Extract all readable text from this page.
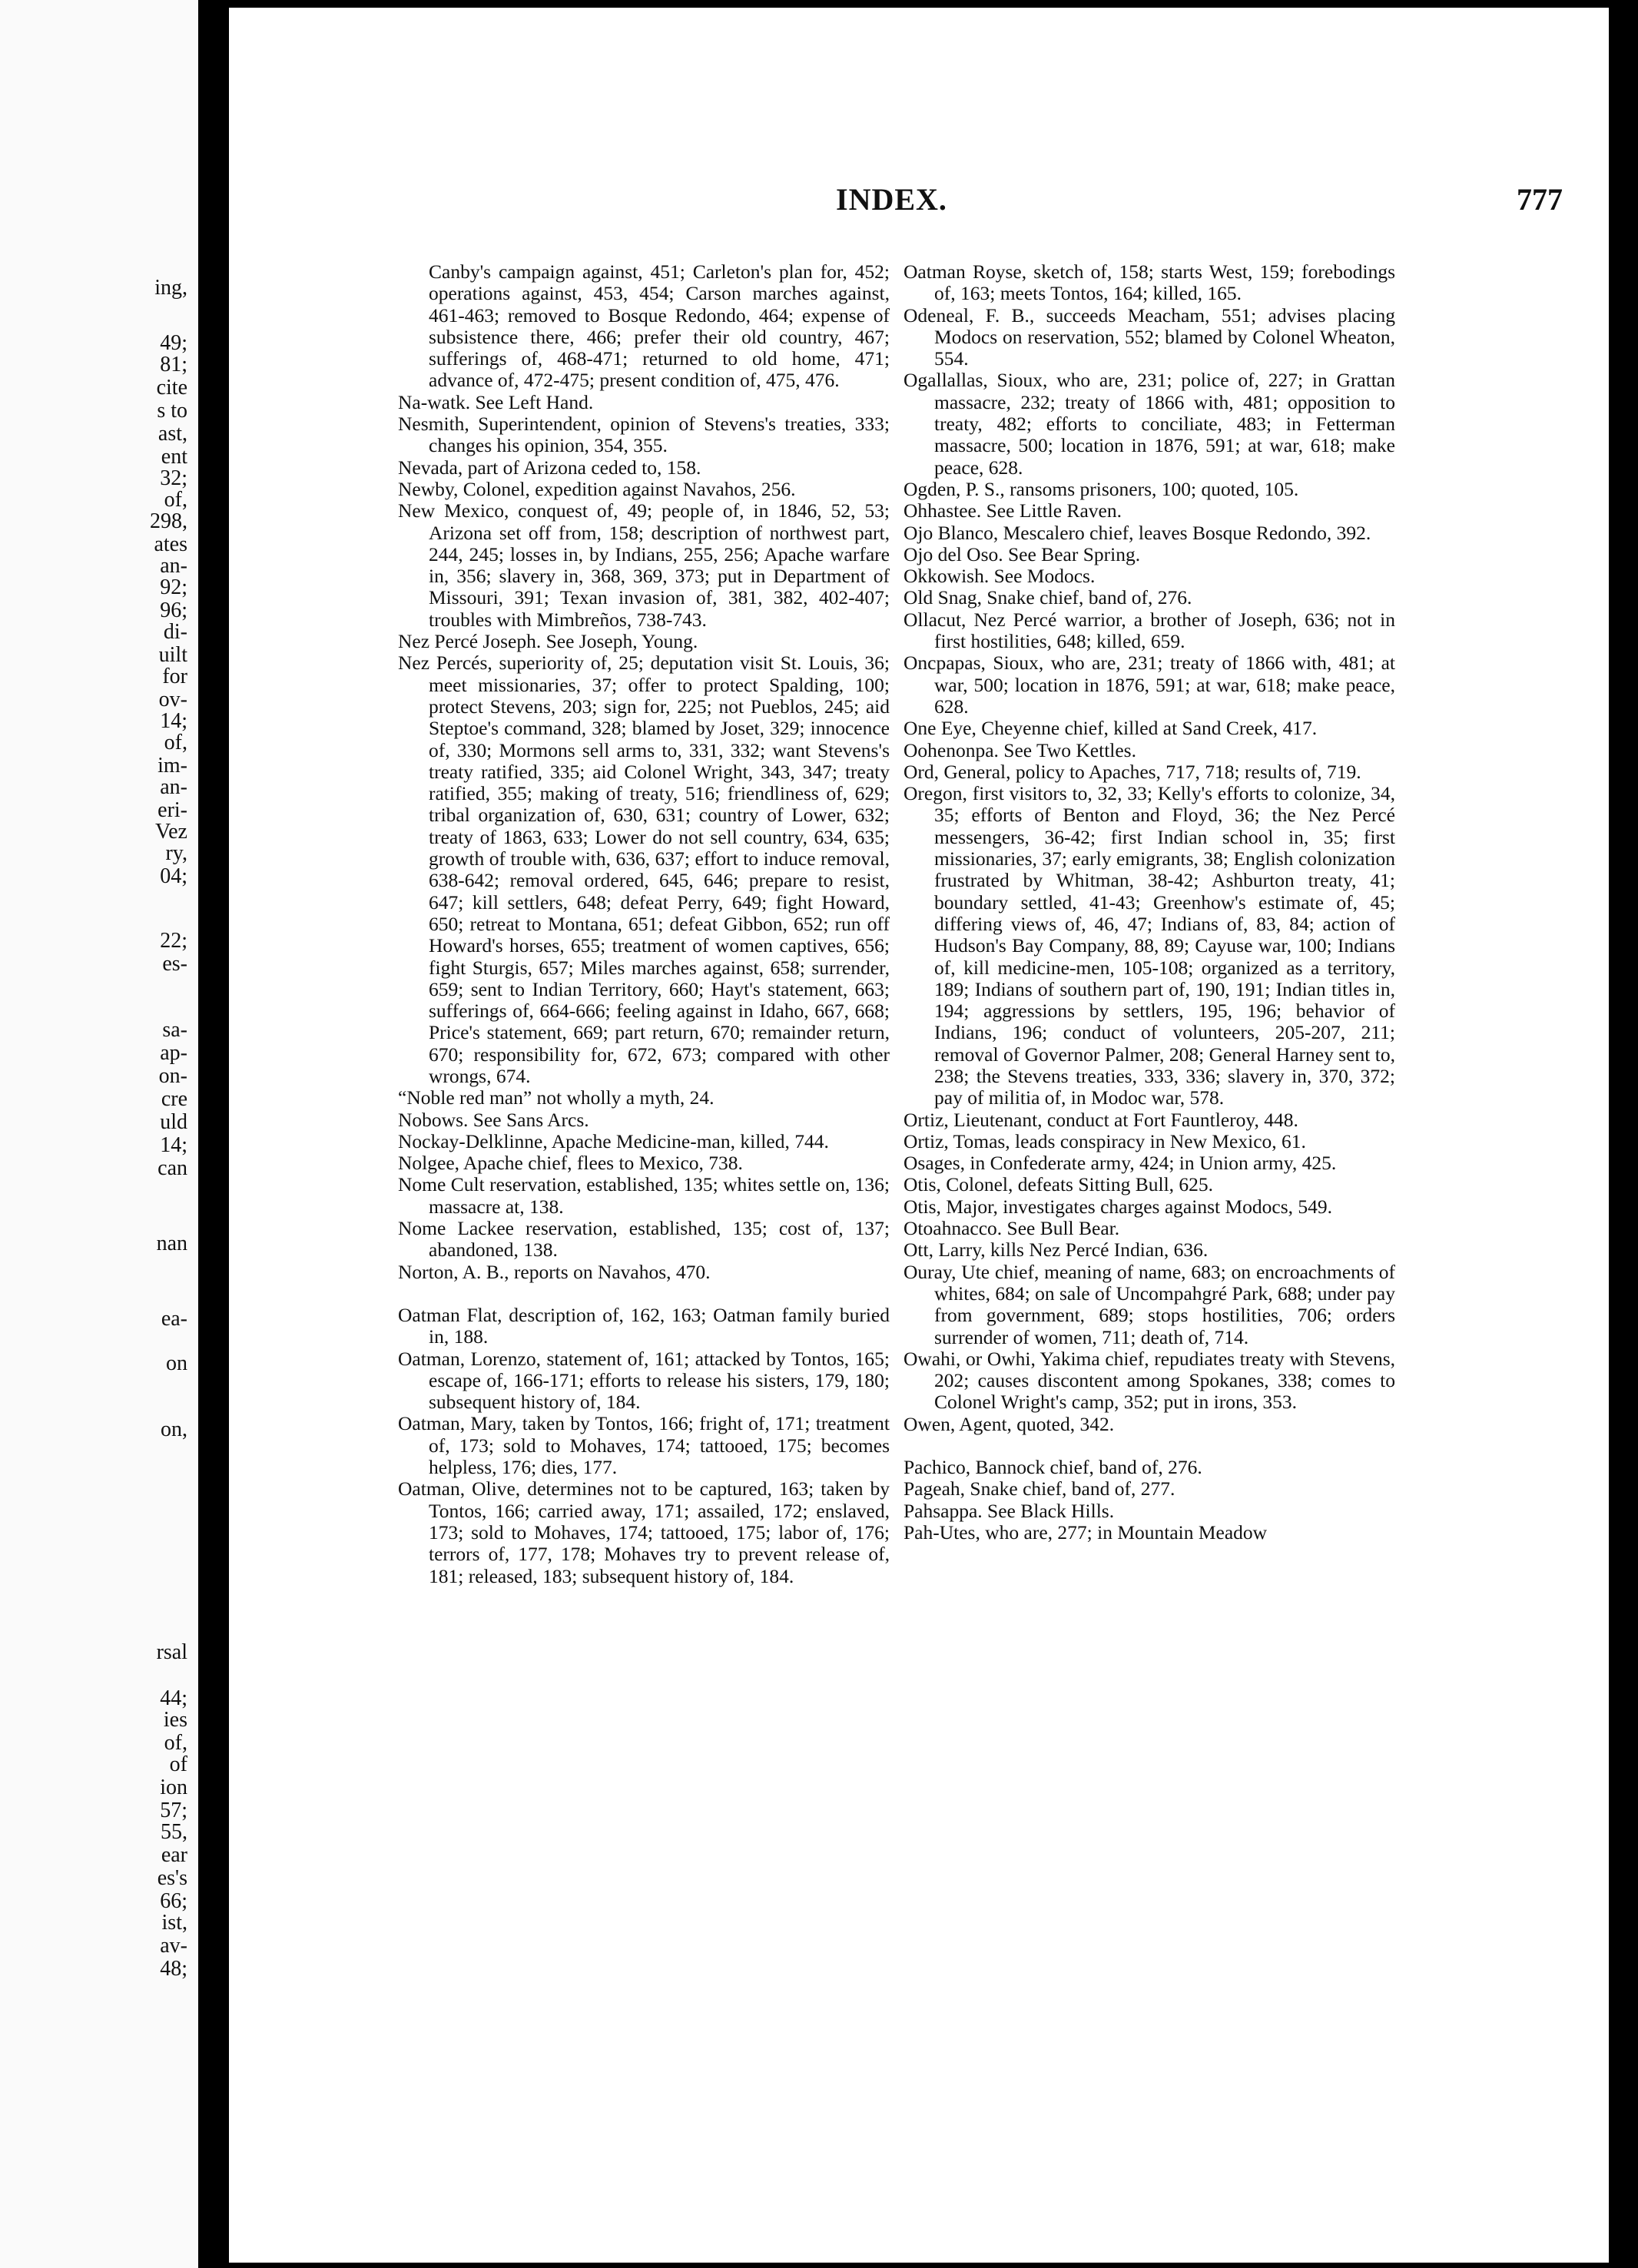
ing,
49;
81;
cite
s to
ast,
ent
32;
of,
298,
ates
an-
92;
96;
di-
uilt
for
ov-
14;
of,
im-
an-
eri-
Vez
ry,
04;
22;
es-
sa-
ap-
on-
cre
uld
14;
can
nan
ea-
on
on,
rsal
44;
ies
of,
of
ion
57;
55,
ear
es's
66;
ist,
av-
48;
INDEX.	777

Canby's campaign against, 451; Carleton's plan for, 452; operations against, 453, 454; Carson marches against, 461-463; removed to Bosque Redondo, 464; expense of subsistence there, 466; prefer their old country, 467; sufferings of, 468-471; returned to old home, 471; advance of, 472-475; present condition of, 475, 476.

Na-watk. See Left Hand.

Nesmith, Superintendent, opinion of Stevens's treaties, 333; changes his opinion, 354, 355.

Nevada, part of Arizona ceded to, 158.

Newby, Colonel, expedition against Navahos, 256.

New Mexico, conquest of, 49; people of, in 1846, 52, 53; Arizona set off from, 158; description of northwest part, 244, 245; losses in, by Indians, 255, 256; Apache warfare in, 356; slavery in, 368, 369, 373; put in Department of Missouri, 391; Texan invasion of, 381, 382, 402-407; troubles with Mimbreños, 738-743.

Nez Percé Joseph. See Joseph, Young.

Nez Percés, superiority of, 25; deputation visit St. Louis, 36; meet missionaries, 37; offer to protect Spalding, 100; protect Stevens, 203; sign for, 225; not Pueblos, 245; aid Steptoe's command, 328; blamed by Joset, 329; innocence of, 330; Mormons sell arms to, 331, 332; want Stevens's treaty ratified, 335; aid Colonel Wright, 343, 347; treaty ratified, 355; making of treaty, 516; friendliness of, 629; tribal organization of, 630, 631; country of Lower, 632; treaty of 1863, 633; Lower do not sell country, 634, 635; growth of trouble with, 636, 637; effort to induce removal, 638-642; removal ordered, 645, 646; prepare to resist, 647; kill settlers, 648; defeat Perry, 649; fight Howard, 650; retreat to Montana, 651; defeat Gibbon, 652; run off Howard's horses, 655; treatment of women captives, 656; fight Sturgis, 657; Miles marches against, 658; surrender, 659; sent to Indian Territory, 660; Hayt's statement, 663; sufferings of, 664-666; feeling against in Idaho, 667, 668; Price's statement, 669; part return, 670; remainder return, 670; responsibility for, 672, 673; compared with other wrongs, 674.

“Noble red man” not wholly a myth, 24.

Nobows. See Sans Arcs.

Nockay-Delklinne, Apache Medicine-man, killed, 744.

Nolgee, Apache chief, flees to Mexico, 738.

Nome Cult reservation, established, 135; whites settle on, 136; massacre at, 138.

Nome Lackee reservation, established, 135; cost of, 137; abandoned, 138.

Norton, A. B., reports on Navahos, 470.

Oatman Flat, description of, 162, 163; Oatman family buried in, 188.

Oatman, Lorenzo, statement of, 161; attacked by Tontos, 165; escape of, 166-171; efforts to release his sisters, 179, 180; subsequent history of, 184.

Oatman, Mary, taken by Tontos, 166; fright of, 171; treatment of, 173; sold to Mohaves, 174; tattooed, 175; becomes helpless, 176; dies, 177.

Oatman, Olive, determines not to be captured, 163; taken by Tontos, 166; carried away, 171; assailed, 172; enslaved, 173; sold to Mohaves, 174; tattooed, 175; labor of, 176; terrors of, 177, 178; Mohaves try to prevent release of, 181; released, 183; subsequent history of, 184.

Oatman Royse, sketch of, 158; starts West, 159; forebodings of, 163; meets Tontos, 164; killed, 165.

Odeneal, F. B., succeeds Meacham, 551; advises placing Modocs on reservation, 552; blamed by Colonel Wheaton, 554.

Ogallallas, Sioux, who are, 231; police of, 227; in Grattan massacre, 232; treaty of 1866 with, 481; opposition to treaty, 482; efforts to conciliate, 483; in Fetterman massacre, 500; location in 1876, 591; at war, 618; make peace, 628.

Ogden, P. S., ransoms prisoners, 100; quoted, 105.

Ohhastee. See Little Raven.

Ojo Blanco, Mescalero chief, leaves Bosque Redondo, 392.

Ojo del Oso. See Bear Spring.

Okkowish. See Modocs.

Old Snag, Snake chief, band of, 276.

Ollacut, Nez Percé warrior, a brother of Joseph, 636; not in first hostilities, 648; killed, 659.

Oncpapas, Sioux, who are, 231; treaty of 1866 with, 481; at war, 500; location in 1876, 591; at war, 618; make peace, 628.

One Eye, Cheyenne chief, killed at Sand Creek, 417.

Oohenonpa. See Two Kettles.

Ord, General, policy to Apaches, 717, 718; results of, 719.

Oregon, first visitors to, 32, 33; Kelly's efforts to colonize, 34, 35; efforts of Benton and Floyd, 36; the Nez Percé messengers, 36-42; first Indian school in, 35; first missionaries, 37; early emigrants, 38; English colonization frustrated by Whitman, 38-42; Ashburton treaty, 41; boundary settled, 41-43; Greenhow's estimate of, 45; differing views of, 46, 47; Indians of, 83, 84; action of Hudson's Bay Company, 88, 89; Cayuse war, 100; Indians of, kill medicine-men, 105-108; organized as a territory, 189; Indians of southern part of, 190, 191; Indian titles in, 194; aggressions by settlers, 195, 196; behavior of Indians, 196; conduct of volunteers, 205-207, 211; removal of Governor Palmer, 208; General Harney sent to, 238; the Stevens treaties, 333, 336; slavery in, 370, 372; pay of militia of, in Modoc war, 578.

Ortiz, Lieutenant, conduct at Fort Fauntleroy, 448.

Ortiz, Tomas, leads conspiracy in New Mexico, 61.

Osages, in Confederate army, 424; in Union army, 425.

Otis, Colonel, defeats Sitting Bull, 625.

Otis, Major, investigates charges against Modocs, 549.

Otoahnacco. See Bull Bear.

Ott, Larry, kills Nez Percé Indian, 636.

Ouray, Ute chief, meaning of name, 683; on encroachments of whites, 684; on sale of Uncompahgré Park, 688; under pay from government, 689; stops hostilities, 706; orders surrender of women, 711; death of, 714.

Owahi, or Owhi, Yakima chief, repudiates treaty with Stevens, 202; causes discontent among Spokanes, 338; comes to Colonel Wright's camp, 352; put in irons, 353.

Owen, Agent, quoted, 342.

Pachico, Bannock chief, band of, 276.

Pageah, Snake chief, band of, 277.

Pahsappa. See Black Hills.

Pah-Utes, who are, 277; in Mountain Meadow
